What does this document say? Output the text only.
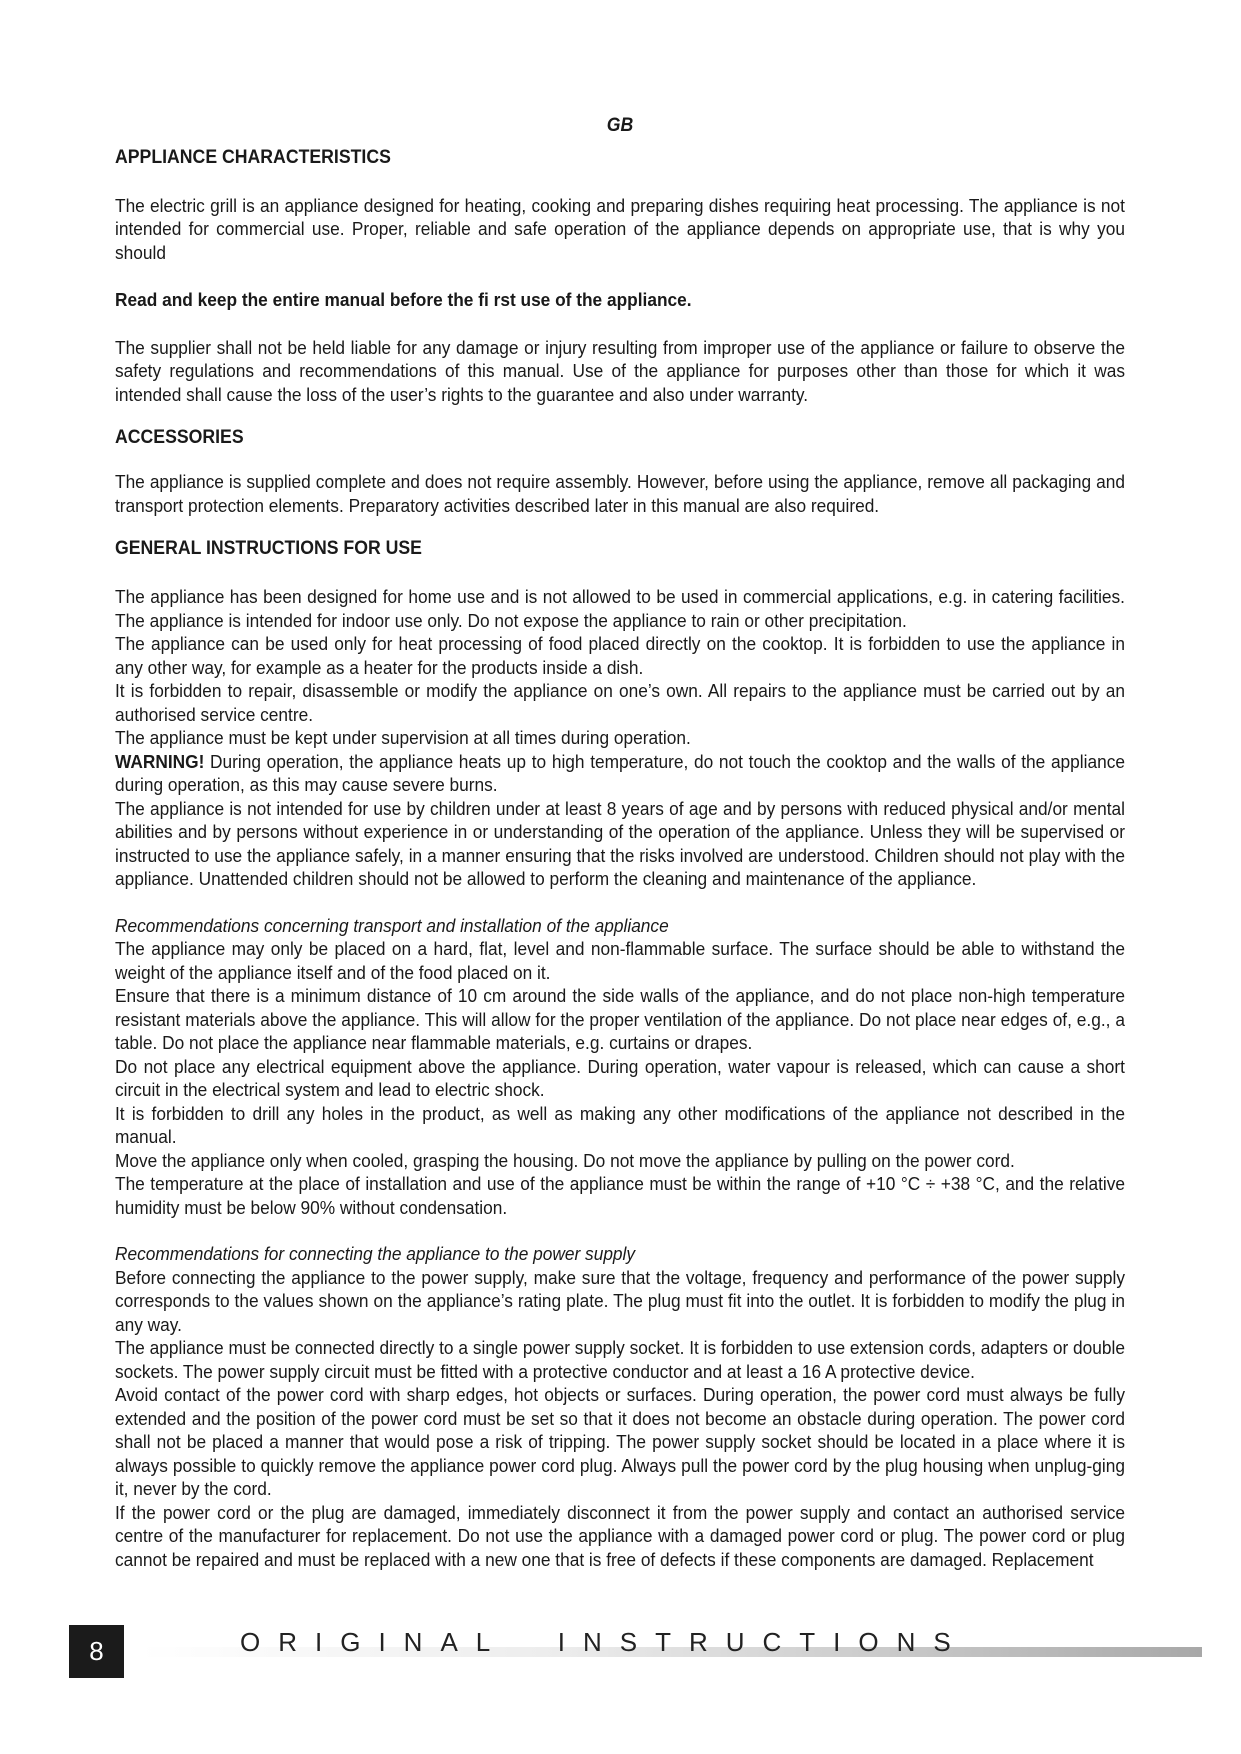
GB
APPLIANCE CHARACTERISTICS

The electric grill is an appliance designed for heating, cooking and preparing dishes requiring heat processing. The appliance is not intended for commercial use. Proper, reliable and safe operation of the appliance depends on appropriate use, that is why you should

Read and keep the entire manual before the fi rst use of the appliance.

The supplier shall not be held liable for any damage or injury resulting from improper use of the appliance or failure to observe the safety regulations and recommendations of this manual. Use of the appliance for purposes other than those for which it was intended shall cause the loss of the user’s rights to the guarantee and also under warranty.

ACCESSORIES

The appliance is supplied complete and does not require assembly. However, before using the appliance, remove all packaging and transport protection elements. Preparatory activities described later in this manual are also required.

GENERAL INSTRUCTIONS FOR USE

The appliance has been designed for home use and is not allowed to be used in commercial applications, e.g. in catering facilities. The appliance is intended for indoor use only. Do not expose the appliance to rain or other precipitation.

The appliance can be used only for heat processing of food placed directly on the cooktop. It is forbidden to use the appliance in any other way, for example as a heater for the products inside a dish.

It is forbidden to repair, disassemble or modify the appliance on one’s own. All repairs to the appliance must be carried out by an authorised service centre.

The appliance must be kept under supervision at all times during operation.

WARNING! During operation, the appliance heats up to high temperature, do not touch the cooktop and the walls of the appliance during operation, as this may cause severe burns.

The appliance is not intended for use by children under at least 8 years of age and by persons with reduced physical and/or mental abilities and by persons without experience in or understanding of the operation of the appliance. Unless they will be supervised or instructed to use the appliance safely, in a manner ensuring that the risks involved are understood. Children should not play with the appliance. Unattended children should not be allowed to perform the cleaning and maintenance of the appliance.

Recommendations concerning transport and installation of the appliance

The appliance may only be placed on a hard, flat, level and non-flammable surface. The surface should be able to withstand the weight of the appliance itself and of the food placed on it.

Ensure that there is a minimum distance of 10 cm around the side walls of the appliance, and do not place non-high temperature resistant materials above the appliance. This will allow for the proper ventilation of the appliance. Do not place near edges of, e.g., a table. Do not place the appliance near flammable materials, e.g. curtains or drapes.

Do not place any electrical equipment above the appliance. During operation, water vapour is released, which can cause a short circuit in the electrical system and lead to electric shock.

It is forbidden to drill any holes in the product, as well as making any other modifications of the appliance not described in the manual.

Move the appliance only when cooled, grasping the housing. Do not move the appliance by pulling on the power cord.

The temperature at the place of installation and use of the appliance must be within the range of +10 °C ÷ +38 °C, and the relative humidity must be below 90% without condensation.

Recommendations for connecting the appliance to the power supply

Before connecting the appliance to the power supply, make sure that the voltage, frequency and performance of the power supply corresponds to the values shown on the appliance’s rating plate. The plug must fit into the outlet. It is forbidden to modify the plug in any way.

The appliance must be connected directly to a single power supply socket. It is forbidden to use extension cords, adapters or double sockets. The power supply circuit must be fitted with a protective conductor and at least a 16 A protective device.

Avoid contact of the power cord with sharp edges, hot objects or surfaces. During operation, the power cord must always be fully extended and the position of the power cord must be set so that it does not become an obstacle during operation. The power cord shall not be placed a manner that would pose a risk of tripping. The power supply socket should be located in a place where it is always possible to quickly remove the appliance power cord plug. Always pull the power cord by the plug housing when unplug-ging it, never by the cord.

If the power cord or the plug are damaged, immediately disconnect it from the power supply and contact an authorised service centre of the manufacturer for replacement. Do not use the appliance with a damaged power cord or plug. The power cord or plug cannot be repaired and must be replaced with a new one that is free of defects if these components are damaged. Replacement

8	ORIGINAL  INSTRUCTIONS
